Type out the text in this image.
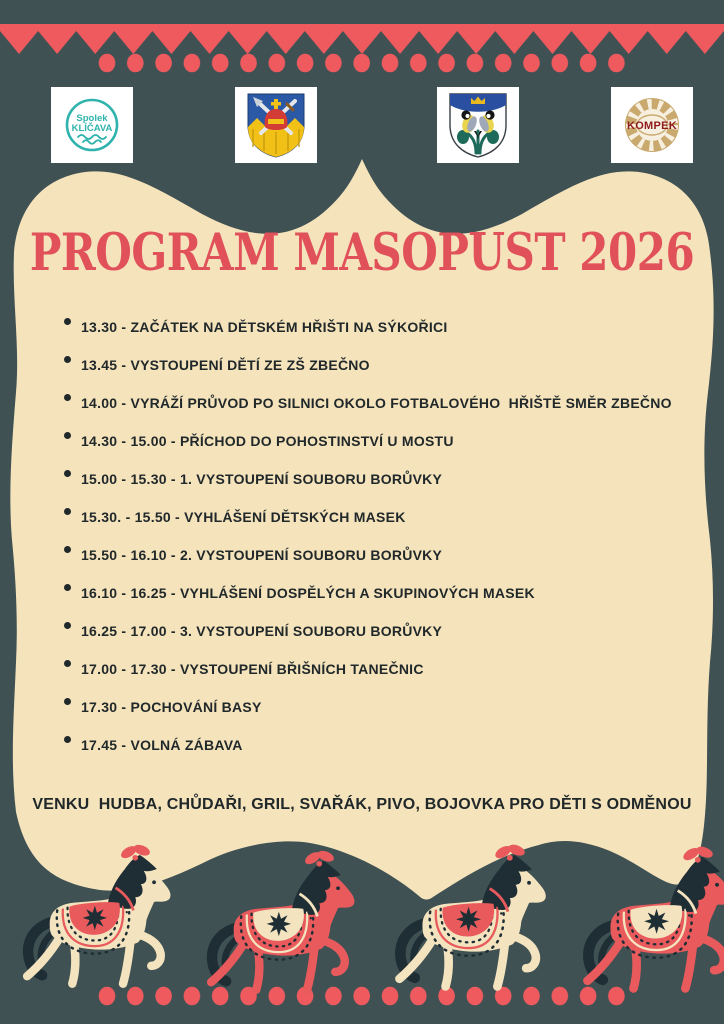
Spolek
KLÍČAVA	KOMPEK
PROGRAM MASOPUST 2026
13.30 - ZAČÁTEK NA DĚTSKÉM HŘIŠTI NA SÝKOŘICI
13.45 - VYSTOUPENÍ DĚTÍ ZE ZŠ ZBEČNO
14.00 - VYRÁŽÍ PRŮVOD PO SILNICI OKOLO FOTBALOVÉHO  HŘIŠTĚ SMĚR ZBEČNO
14.30 - 15.00 - PŘÍCHOD DO POHOSTINSTVÍ U MOSTU
15.00 - 15.30 - 1. VYSTOUPENÍ SOUBORU BORŮVKY
15.30. - 15.50 - VYHLÁŠENÍ DĚTSKÝCH MASEK
15.50 - 16.10 - 2. VYSTOUPENÍ SOUBORU BORŮVKY
16.10 - 16.25 - VYHLÁŠENÍ DOSPĚLÝCH A SKUPINOVÝCH MASEK
16.25 - 17.00 - 3. VYSTOUPENÍ SOUBORU BORŮVKY
17.00 - 17.30 - VYSTOUPENÍ BŘIŠNÍCH TANEČNIC
17.30 - POCHOVÁNÍ BASY
17.45 - VOLNÁ ZÁBAVA
VENKU  HUDBA, CHŮDAŘI, GRIL, SVAŘÁK, PIVO, BOJOVKA PRO DĚTI S ODMĚNOU
